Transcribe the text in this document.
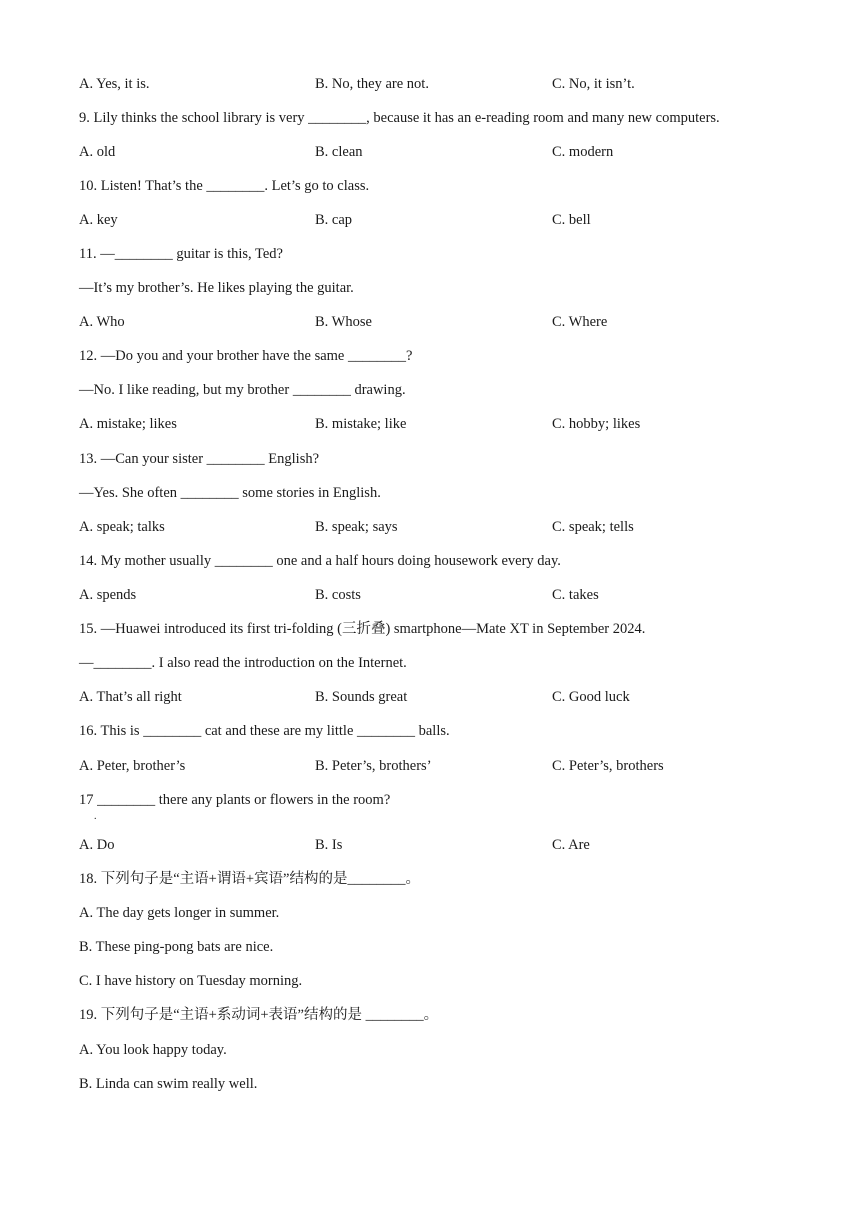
A. Yes, it is.	B. No, they are not.	C. No, it isn’t.
9. Lily thinks the school library is very ________, because it has an e-reading room and many new computers.
A. old	B. clean	C. modern
10. Listen! That’s the ________. Let’s go to class.
A. key	B. cap	C. bell
11. —________ guitar is this, Ted?
—It’s my brother’s. He likes playing the guitar.
A. Who	B. Whose	C. Where
12. —Do you and your brother have the same ________?
—No. I like reading, but my brother ________ drawing.
A. mistake; likes	B. mistake; like	C. hobby; likes
13. —Can your sister ________ English?
—Yes. She often ________ some stories in English.
A. speak; talks	B. speak; says	C. speak; tells
14. My mother usually ________ one and a half hours doing housework every day.
A. spends	B. costs	C. takes
15. —Huawei introduced its first tri-folding (三折叠) smartphone—Mate XT in September 2024.
—________. I also read the introduction on the Internet.
A. That’s all right	B. Sounds great	C. Good luck
16. This is ________ cat and these are my little ________ balls.
A. Peter, brother’s	B. Peter’s, brothers’	C. Peter’s, brothers
17 ________ there any plants or flowers in the room?
.
A. Do	B. Is	C. Are
18. 下列句子是“主语+谓语+宾语”结构的是________。
A. The day gets longer in summer.
B. These ping-pong bats are nice.
C. I have history on Tuesday morning.
19. 下列句子是“主语+系动词+表语”结构的是 ________。
A. You look happy today.
B. Linda can swim really well.
